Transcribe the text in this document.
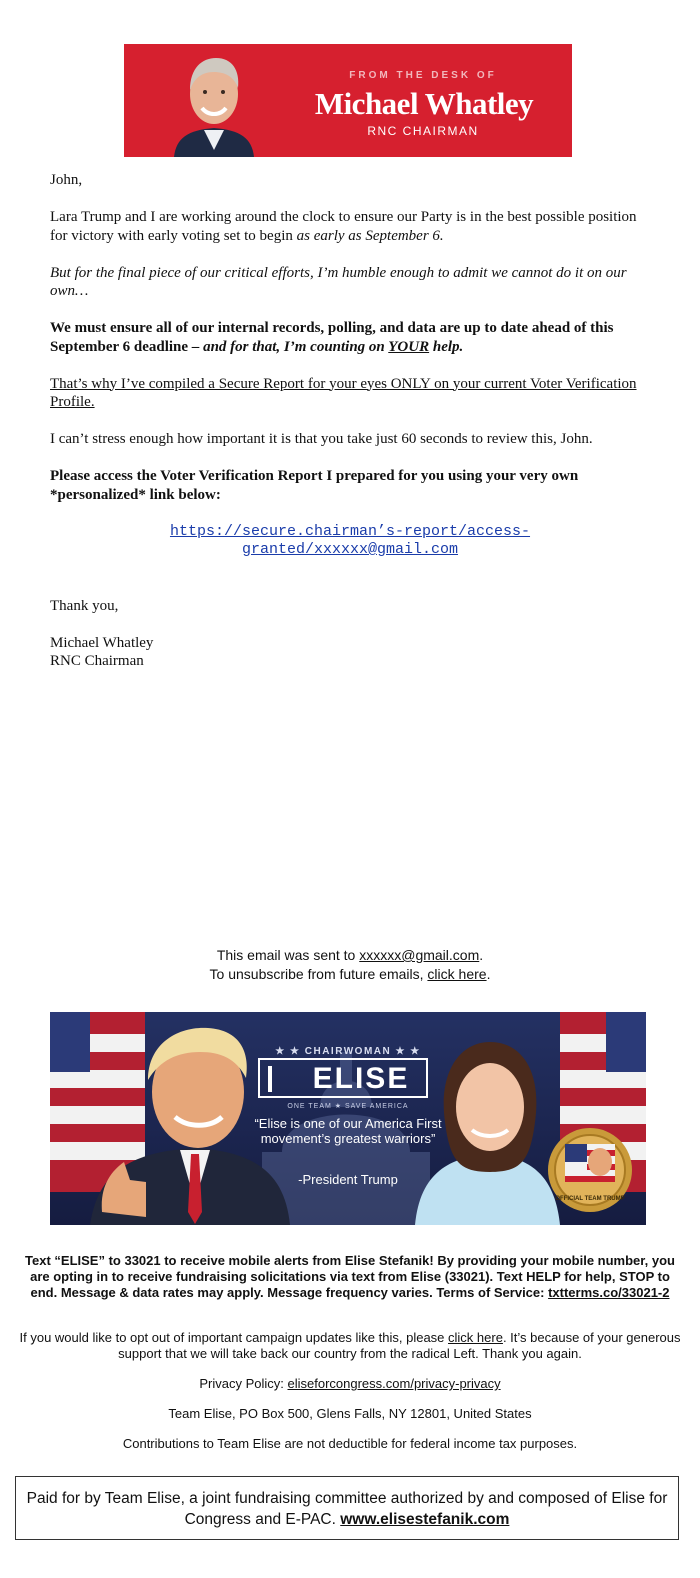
FROM THE DESK OF
Michael Whatley
RNC CHAIRMAN

John,

Lara Trump and I are working around the clock to ensure our Party is in the best possible position for victory with early voting set to begin as early as September 6.

But for the final piece of our critical efforts, I’m humble enough to admit we cannot do it on our own…

We must ensure all of our internal records, polling, and data are up to date ahead of this September 6 deadline – and for that, I’m counting on YOUR help.

That’s why I’ve compiled a Secure Report for your eyes ONLY on your current Voter Verification Profile.

I can’t stress enough how important it is that you take just 60 seconds to review this, John.

Please access the Voter Verification Report I prepared for you using your very own *personalized* link below:

https://secure.chairman’s-report/access-
granted/xxxxxx@gmail.com

Thank you,

Michael Whatley

RNC Chairman

This email was sent to xxxxxx@gmail.com.
To unsubscribe from future emails, click here.
★ ★ CHAIRWOMAN ★ ★
ELISE
ONE TEAM ★ SAVE AMERICA
“Elise is one of our America First movement’s greatest warriors”
-President Trump
OFFICIAL TEAM TRUMP
Text “ELISE” to 33021 to receive mobile alerts from Elise Stefanik! By providing your mobile number, you are opting in to receive fundraising solicitations via text from Elise (33021). Text HELP for help, STOP to end. Message & data rates may apply. Message frequency varies. Terms of Service: txtterms.co/33021-2
If you would like to opt out of important campaign updates like this, please click here. It’s because of your generous support that we will take back our country from the radical Left. Thank you again.
Privacy Policy: eliseforcongress.com/privacy-privacy
Team Elise, PO Box 500, Glens Falls, NY 12801, United States
Contributions to Team Elise are not deductible for federal income tax purposes.
Paid for by Team Elise, a joint fundraising committee authorized by and composed of Elise for Congress and E-PAC. www.elisestefanik.com
